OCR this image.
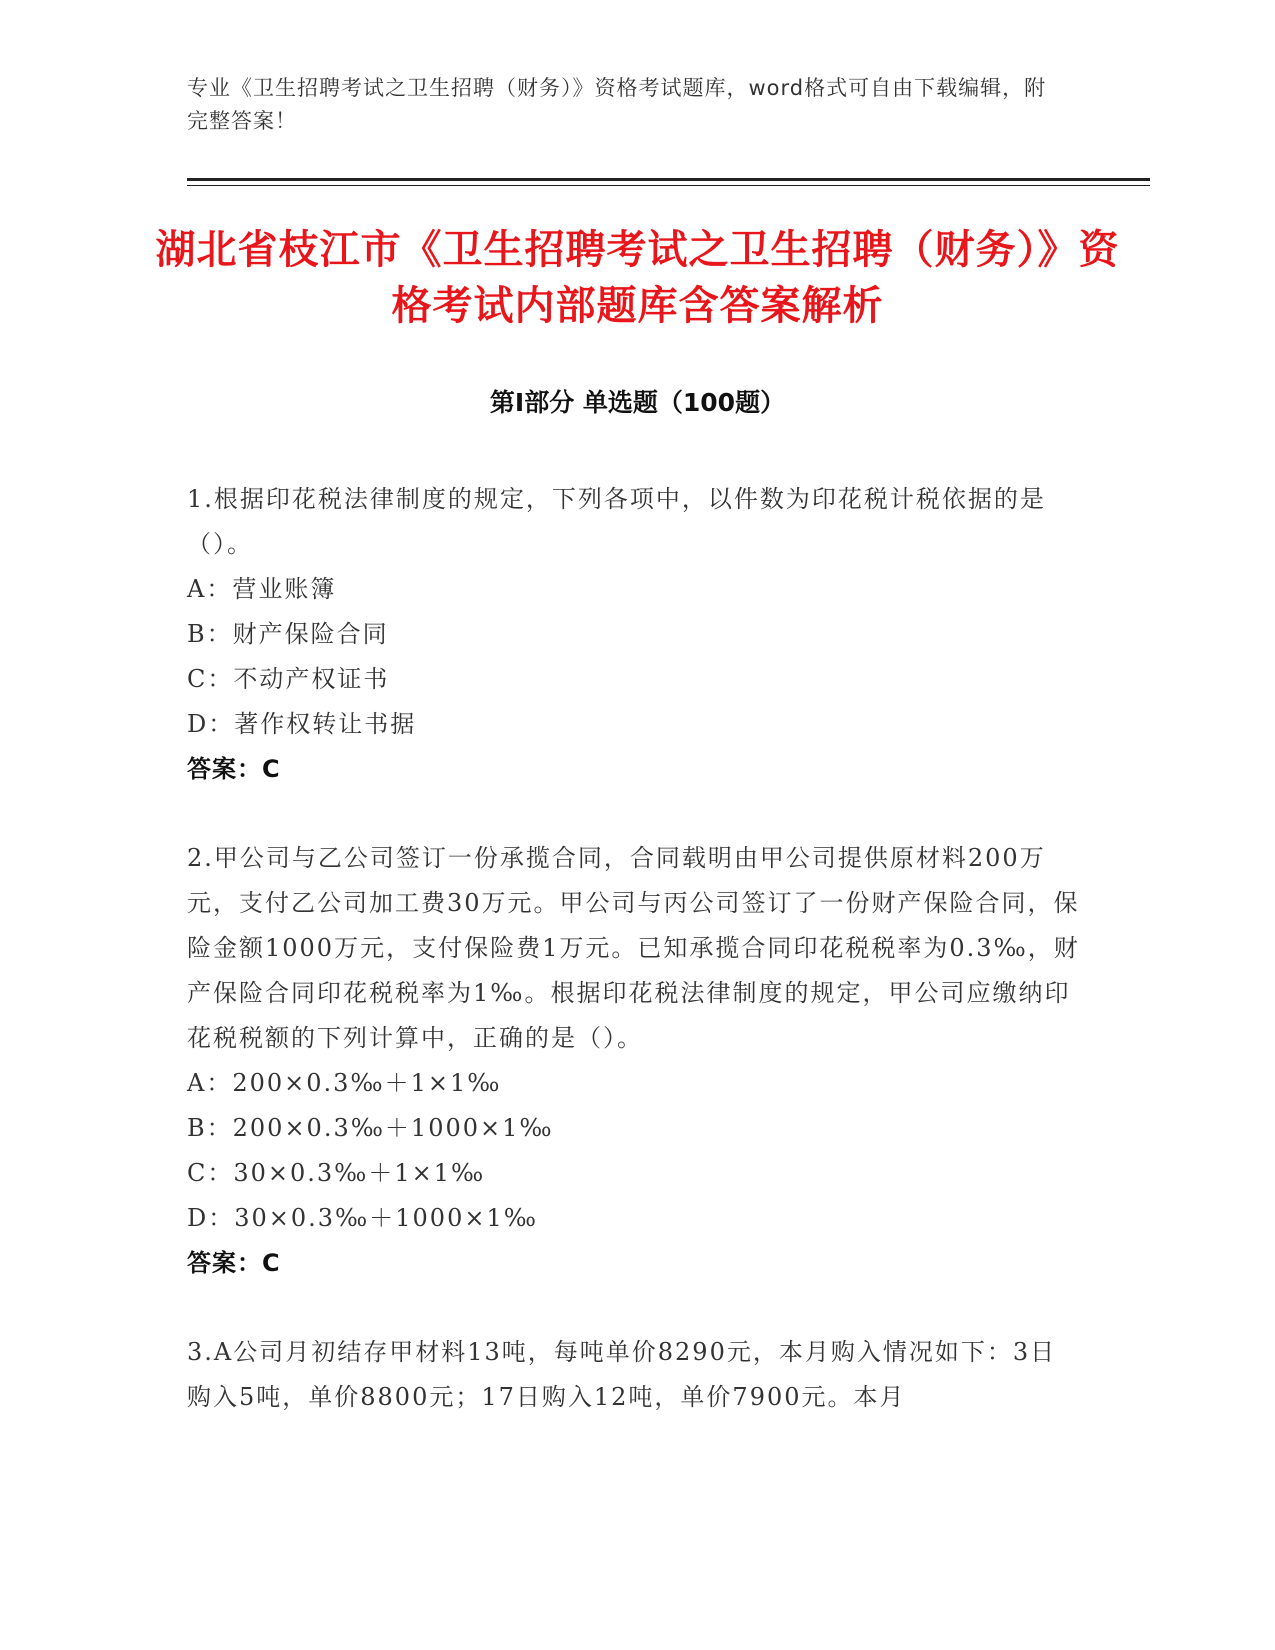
专业《卫生招聘考试之卫生招聘（财务）》资格考试题库，word格式可自由下载编辑，附完整答案！
湖北省枝江市《卫生招聘考试之卫生招聘（财务）》资格考试内部题库含答案解析
第Ⅰ部分 单选题（100题）

1.根据印花税法律制度的规定，下列各项中，以件数为印花税计税依据的是（）。

A：营业账簿

B：财产保险合同

C：不动产权证书

D：著作权转让书据

答案：C

2.甲公司与乙公司签订一份承揽合同，合同载明由甲公司提供原材料200万元，支付乙公司加工费30万元。甲公司与丙公司签订了一份财产保险合同，保险金额1000万元，支付保险费1万元。已知承揽合同印花税税率为0.3‰，财产保险合同印花税税率为1‰。根据印花税法律制度的规定，甲公司应缴纳印花税税额的下列计算中，正确的是（）。

A：200×0.3‰＋1×1‰

B：200×0.3‰＋1000×1‰

C：30×0.3‰＋1×1‰

D：30×0.3‰＋1000×1‰

答案：C

3.A公司月初结存甲材料13吨，每吨单价8290元，本月购入情况如下：3日购入5吨，单价8800元；17日购入12吨，单价7900元。本月
